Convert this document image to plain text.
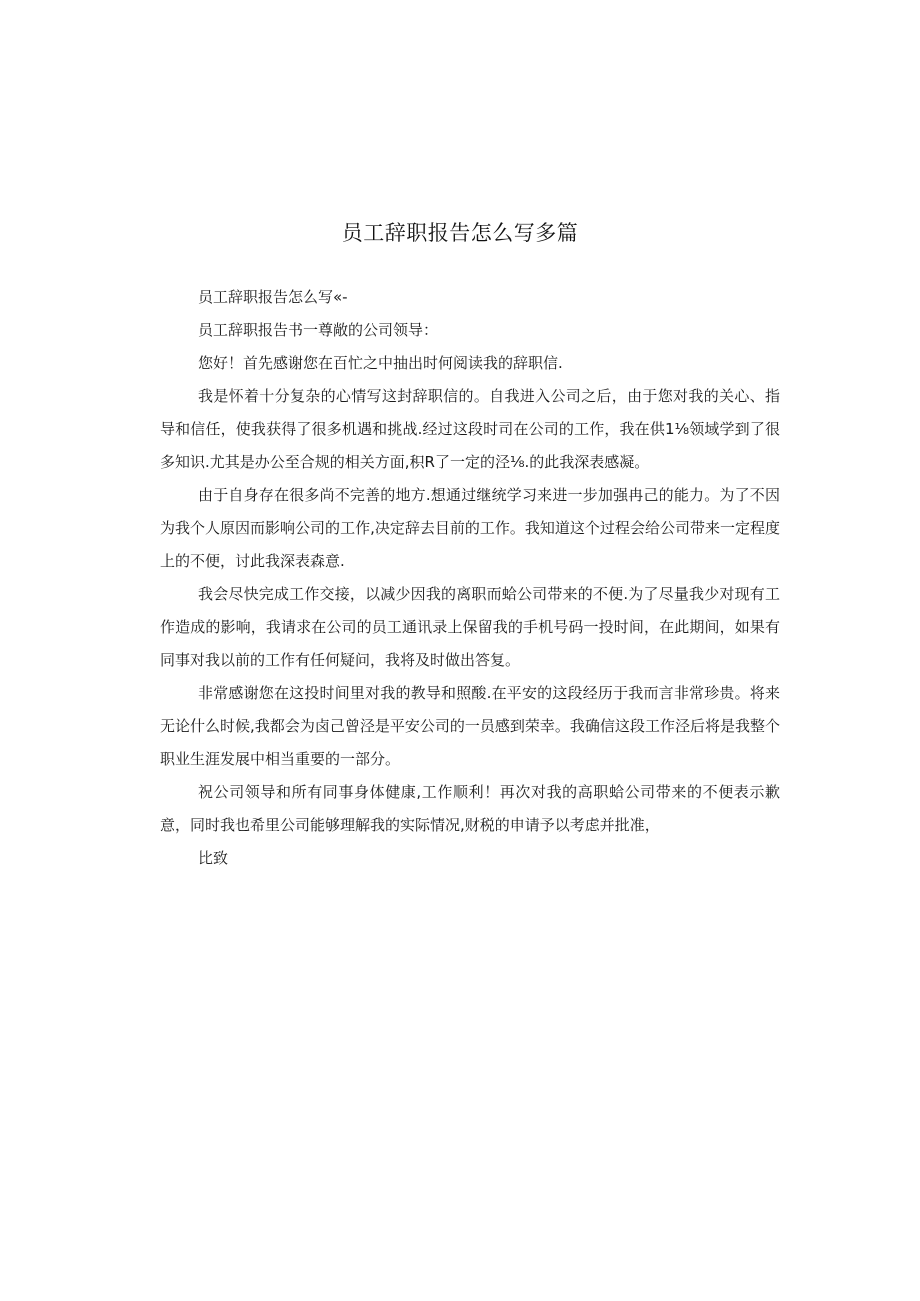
员工辞职报告怎么写多篇

员工辞职报告怎么写«-

员工辞职报告书一尊敞的公司领导：

您好！首先感谢您在百忙之中抽出时何阅读我的辞职信.

我是怀着十分复杂的心情写这封辞职信的。自我进入公司之后，由于您对我的关心、指导和信任，使我获得了很多机遇和挑战.经过这段时司在公司的工作，我在供1⅛领域学到了很多知识.尤其是办公至合规的相关方面,积R了一定的泾⅛.的此我深表感凝。

由于自身存在很多尚不完善的地方.想通过继统学习来进一步加强冉己的能力。为了不因为我个人原因而影响公司的工作,决定辞去目前的工作。我知道这个过程会给公司带来一定程度上的不便，讨此我深表森意.

我会尽快完成工作交接，以减少因我的离职而蛤公司带来的不便.为了尽量我少对现有工作造成的影响，我请求在公司的员工通讯录上保留我的手机号码一投时间，在此期间，如果有同事对我以前的工作有任何疑问，我将及时做出答复。

非常感谢您在这投时间里对我的教导和照酸.在平安的这段经历于我而言非常珍贵。将来无论什么时候,我都会为卤己曾泾是平安公司的一员感到荣幸。我确信这段工作泾后将是我整个职业生涯发展中相当重要的一部分。

祝公司领导和所有同事身体健康,工作顺利！再次对我的高职蛤公司带来的不便表示歉意，同时我也希里公司能够理解我的实际情况,财税的申请予以考虑并批准，

比致
